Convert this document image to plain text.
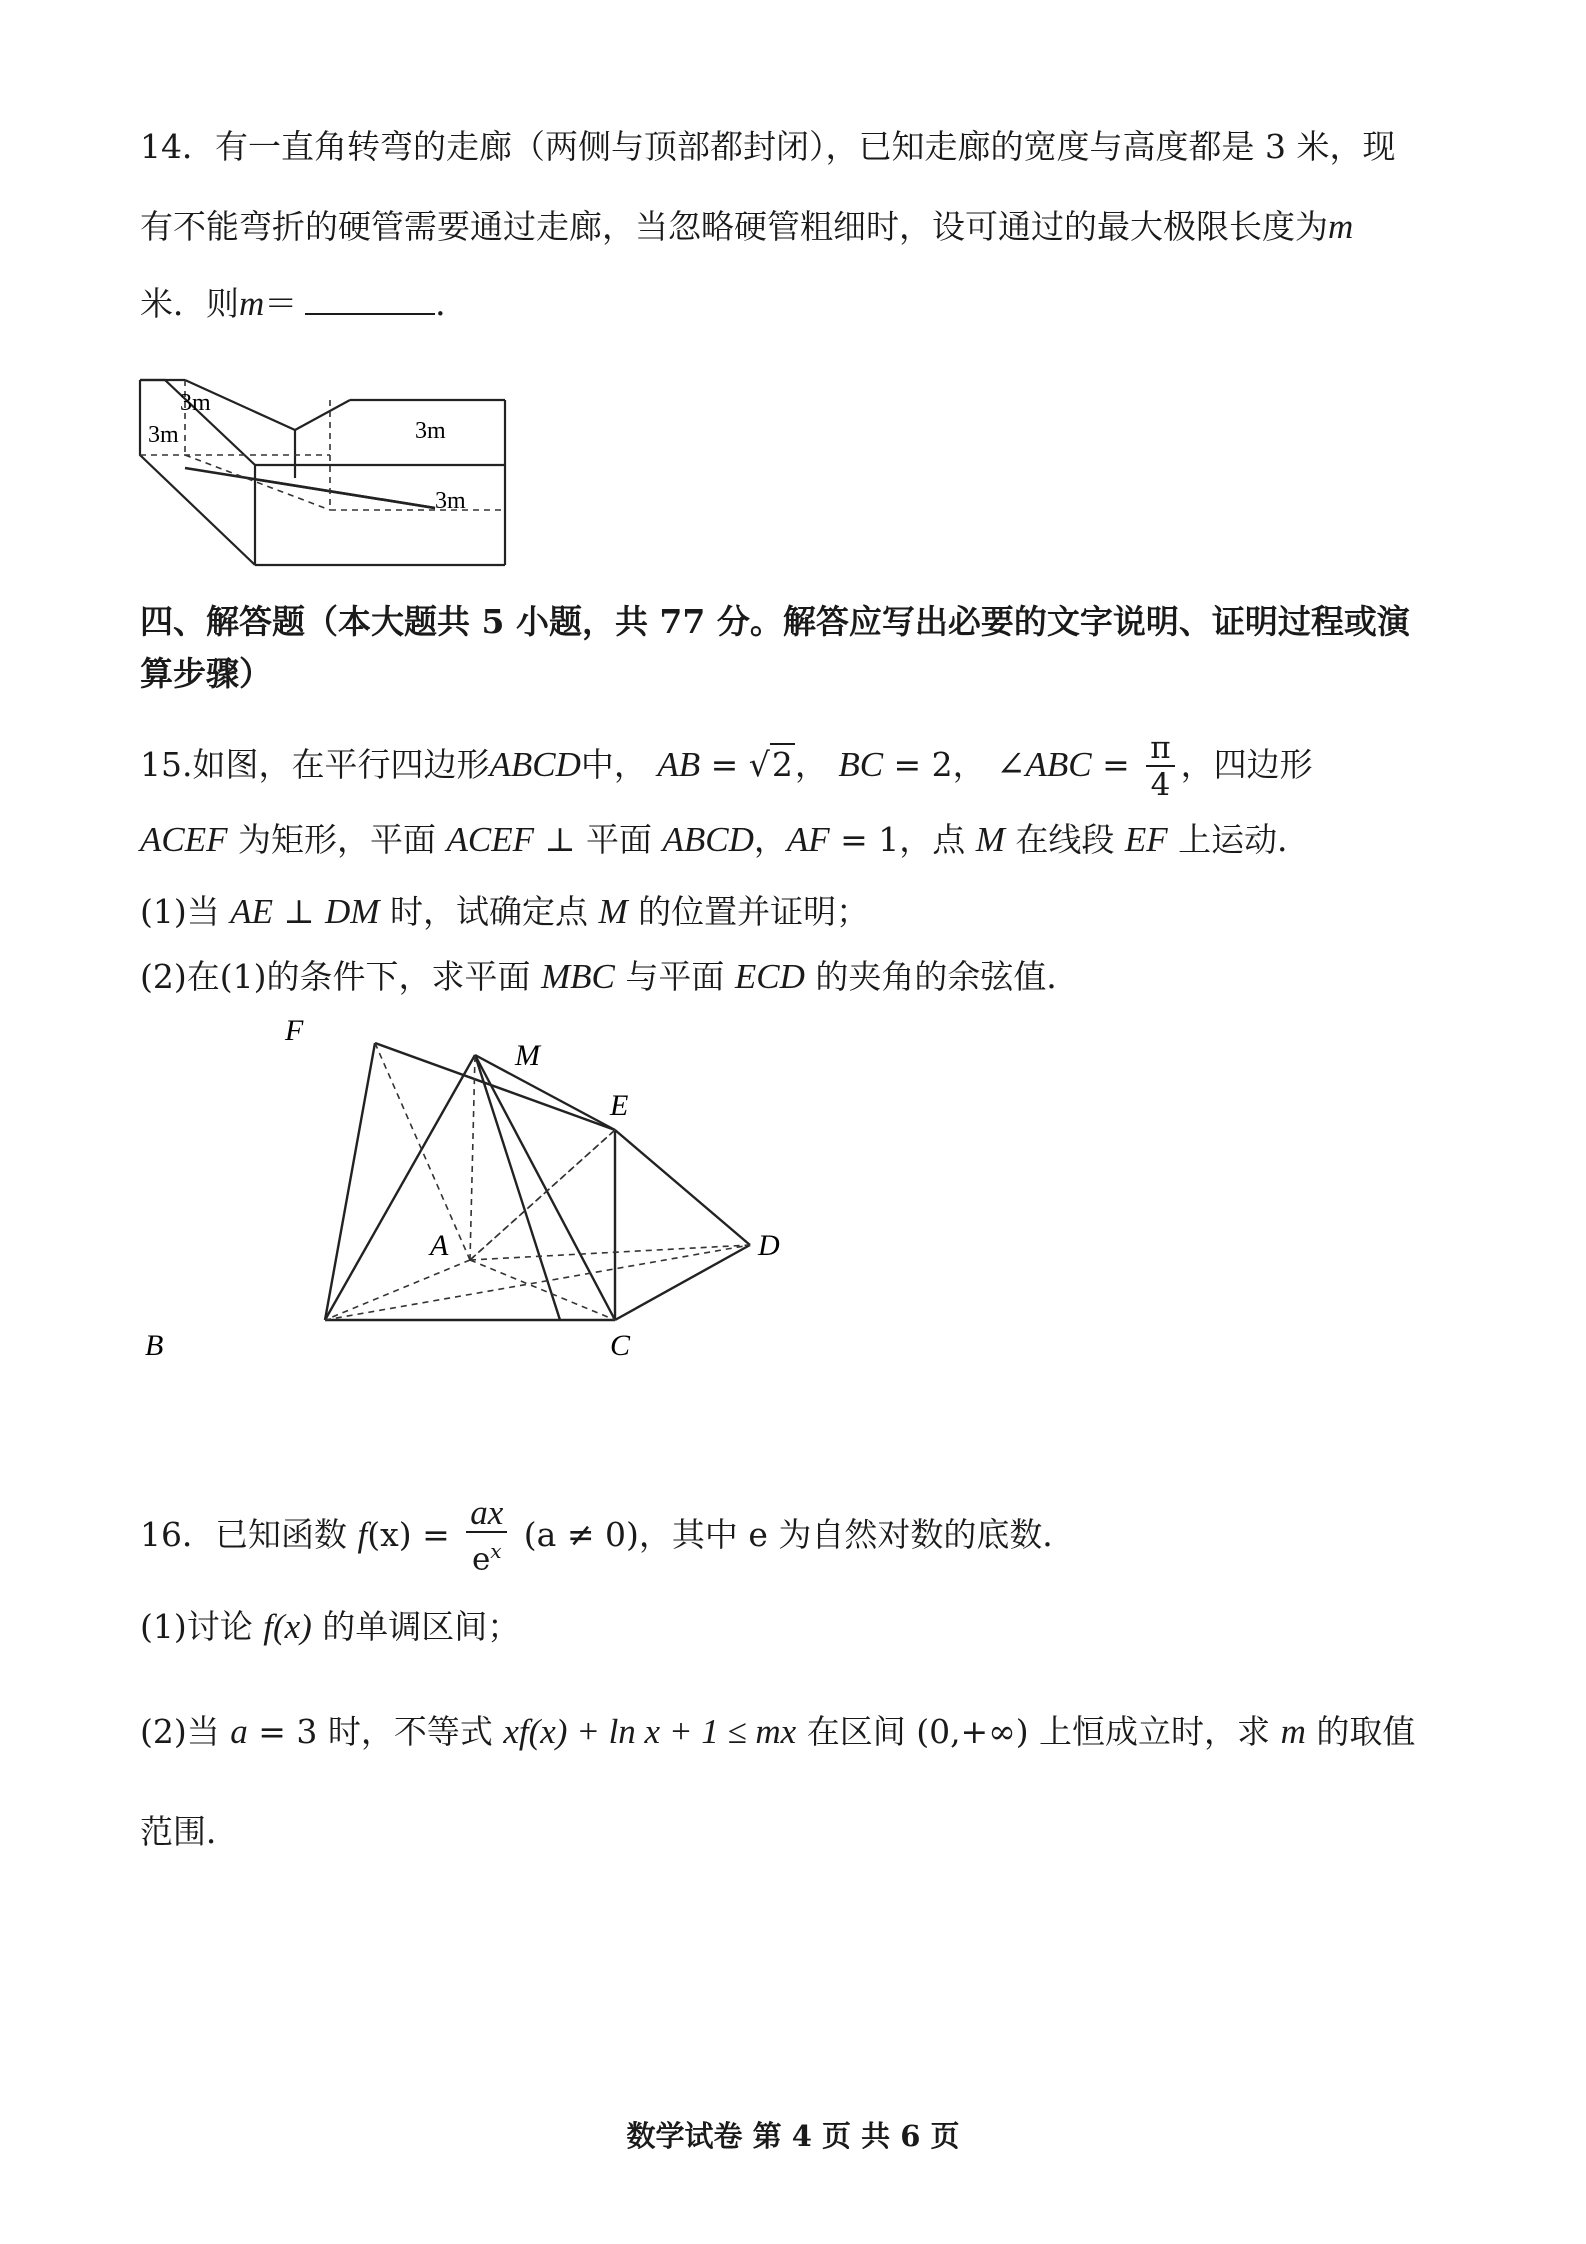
14．有一直角转弯的走廊（两侧与顶部都封闭），已知走廊的宽度与高度都是 3 米，现
有不能弯折的硬管需要通过走廊，当忽略硬管粗细时，设可通过的最大极限长度为m
米．则m＝	．
3m
3m	3m
3m
四、解答题（本大题共 5 小题，共 77 分。解答应写出必要的文字说明、证明过程或演
算步骤）
15.如图，在平行四边形ABCD中， AB = √2， BC = 2， ∠ABC = $\frac{\pi}{4}$ ，四边形
ACEF 为矩形，平面 ACEF ⊥ 平面 ABCD，AF = 1，点 M 在线段 EF 上运动．
(1)当 AE ⊥ DM 时，试确定点 M 的位置并证明；
(2)在(1)的条件下，求平面 MBC 与平面 ECD 的夹角的余弦值．
F
M
E
A	D
B	C
16．已知函数 $f(x) = \frac{ax}{e^x} (a \ne 0)$，其中 e 为自然对数的底数．
(1)讨论 f(x) 的单调区间；
(2)当 a = 3 时，不等式 xf(x) + ln x + 1 ≤ mx 在区间 (0,+∞) 上恒成立时，求 m 的取值
范围．
数学试卷 第 4 页 共 6 页
